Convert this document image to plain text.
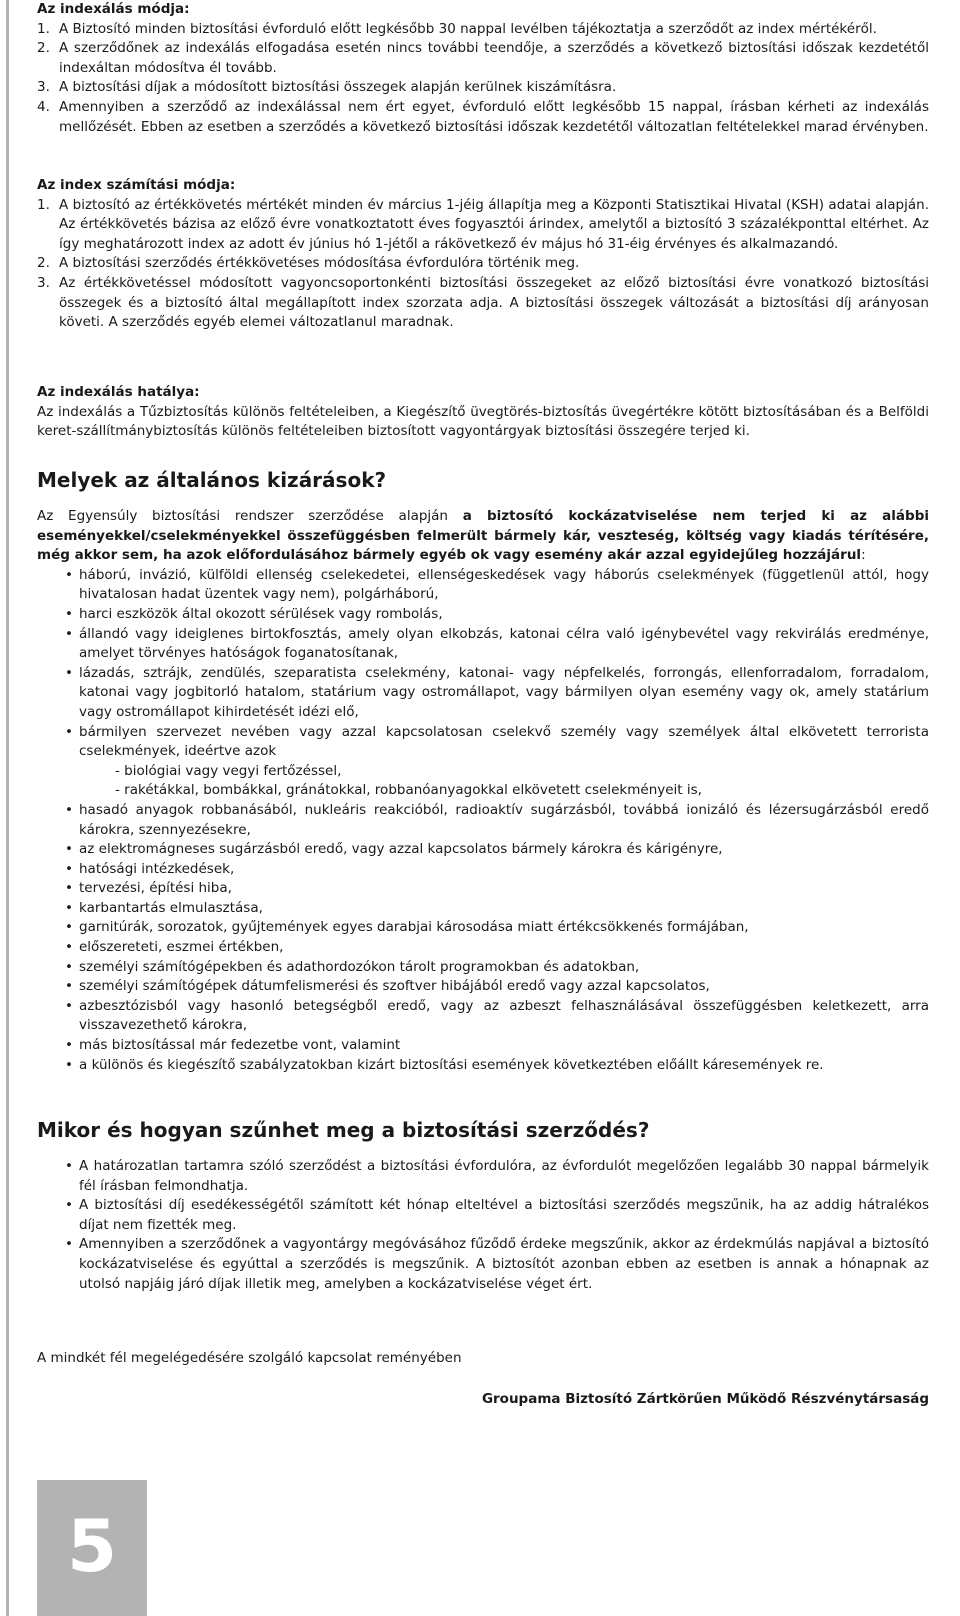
Az indexálás módja:

1. A Biztosító minden biztosítási évforduló előtt legkésőbb 30 nappal levélben tájékoztatja a szerződőt az index mértékéről.
2. A szerződőnek az indexálás elfogadása esetén nincs további teendője, a szerződés a következő biztosítási időszak kezdetétől indexáltan módosítva él tovább.
3. A biztosítási díjak a módosított biztosítási összegek alapján kerülnek kiszámításra.
4. Amennyiben a szerződő az indexálással nem ért egyet, évforduló előtt legkésőbb 15 nappal, írásban kérheti az indexálás mellőzését. Ebben az esetben a szerződés a következő biztosítási időszak kezdetétől változatlan feltételekkel marad érvényben.

Az index számítási módja:

1. A biztosító az értékkövetés mértékét minden év március 1-jéig állapítja meg a Központi Statisztikai Hivatal (KSH) adatai alapján. Az értékkövetés bázisa az előző évre vonatkoztatott éves fogyasztói árindex, amelytől a biztosító 3 százalékponttal eltérhet. Az így meghatározott index az adott év június hó 1-jétől a rákövetkező év május hó 31-éig érvényes és alkalmazandó.
2. A biztosítási szerződés értékkövetéses módosítása évfordulóra történik meg.
3. Az értékkövetéssel módosított vagyoncsoportonkénti biztosítási összegeket az előző biztosítási évre vonatkozó biztosítási összegek és a biztosító által megállapított index szorzata adja. A biztosítási összegek változását a biztosítási díj arányosan követi. A szerződés egyéb elemei változatlanul maradnak.

Az indexálás hatálya:

Az indexálás a Tűzbiztosítás különös feltételeiben, a Kiegészítő üvegtörés-biztosítás üvegértékre kötött biztosításában és a Belföldi keret-szállítmánybiztosítás különös feltételeiben biztosított vagyontárgyak biztosítási összegére terjed ki.

Melyek az általános kizárások?

Az Egyensúly biztosítási rendszer szerződése alapján a biztosító kockázatviselése nem terjed ki az alábbi eseményekkel/cselekményekkel összefüggésben felmerült bármely kár, veszteség, költség vagy kiadás térítésére, még akkor sem, ha azok előfordulásához bármely egyéb ok vagy esemény akár azzal egyidejűleg hozzájárul:

• háború, invázió, külföldi ellenség cselekedetei, ellenségeskedések vagy háborús cselekmények (függetlenül attól, hogy hivatalosan hadat üzentek vagy nem), polgárháború,
• harci eszközök által okozott sérülések vagy rombolás,
• állandó vagy ideiglenes birtokfosztás, amely olyan elkobzás, katonai célra való igénybevétel vagy rekvirálás eredménye, amelyet törvényes hatóságok foganatosítanak,
• lázadás, sztrájk, zendülés, szeparatista cselekmény, katonai- vagy népfelkelés, forrongás, ellenforradalom, forradalom, katonai vagy jogbitorló hatalom, statárium vagy ostromállapot, vagy bármilyen olyan esemény vagy ok, amely statárium vagy ostromállapot kihirdetését idézi elő,
• bármilyen szervezet nevében vagy azzal kapcsolatosan cselekvő személy vagy személyek által elkövetett terrorista cselekmények, ideértve azok
- biológiai vagy vegyi fertőzéssel,
- rakétákkal, bombákkal, gránátokkal, robbanóanyagokkal elkövetett cselekményeit is,
• hasadó anyagok robbanásából, nukleáris reakcióból, radioaktív sugárzásból, továbbá ionizáló és lézersugárzásból eredő károkra, szennyezésekre,
• az elektromágneses sugárzásból eredő, vagy azzal kapcsolatos bármely károkra és kárigényre,
• hatósági intézkedések,
• tervezési, építési hiba,
• karbantartás elmulasztása,
• garnitúrák, sorozatok, gyűjtemények egyes darabjai károsodása miatt értékcsökkenés formájában,
• előszereteti, eszmei értékben,
• személyi számítógépekben és adathordozókon tárolt programokban és adatokban,
• személyi számítógépek dátumfelismerési és szoftver hibájából eredő vagy azzal kapcsolatos,
• azbesztózisból vagy hasonló betegségből eredő, vagy az azbeszt felhasználásával összefüggésben keletkezett, arra visszavezethető károkra,
• más biztosítással már fedezetbe vont, valamint
• a különös és kiegészítő szabályzatokban kizárt biztosítási események következtében előállt káresemények re.

Mikor és hogyan szűnhet meg a biztosítási szerződés?

• A határozatlan tartamra szóló szerződést a biztosítási évfordulóra, az évfordulót megelőzően legalább 30 nappal bármelyik fél írásban felmondhatja.
• A biztosítási díj esedékességétől számított két hónap elteltével a biztosítási szerződés megszűnik, ha az addig hátralékos díjat nem fizették meg.
• Amennyiben a szerződőnek a vagyontárgy megóvásához fűződő érdeke megszűnik, akkor az érdekmúlás napjával a biztosító kockázatviselése és egyúttal a szerződés is megszűnik. A biztosítót azonban ebben az esetben is annak a hónapnak az utolsó napjáig járó díjak illetik meg, amelyben a kockázatviselése véget ért.

A mindkét fél megelégedésére szolgáló kapcsolat reményében

Groupama Biztosító Zártkörűen Működő Részvénytársaság

5
